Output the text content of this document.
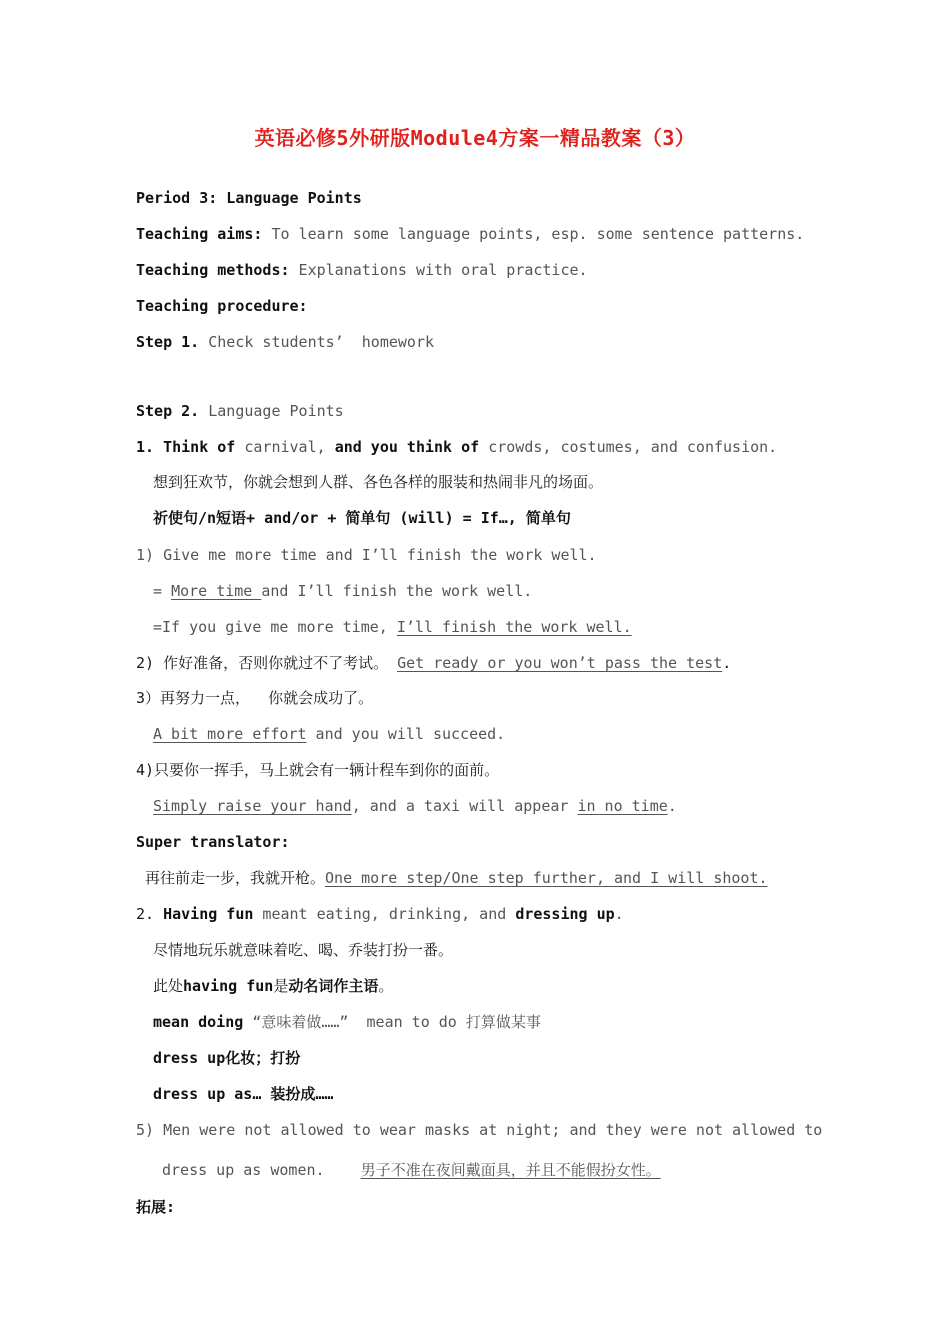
英语必修5外研版Module4方案一精品教案（3）
Period 3: Language Points
Teaching aims: To learn some language points, esp. some sentence patterns.
Teaching methods: Explanations with oral practice.
Teaching procedure:
Step 1. Check students’  homework
Step 2. Language Points
1. Think of carnival, and you think of crowds, costumes, and confusion.
想到狂欢节，你就会想到人群、各色各样的服装和热闹非凡的场面。
祈使句/n短语+ and/or + 简单句 (will) = If…, 简单句
1) Give me more time and I’ll finish the work well.
= More time and I’ll finish the work well.
=If you give me more time, I’ll finish the work well.
2) 作好准备，否则你就过不了考试。 Get ready or you won’t pass the test.
3）再努力一点，  你就会成功了。
A bit more effort and you will succeed.
4)只要你一挥手，马上就会有一辆计程车到你的面前。
Simply raise your hand, and a taxi will appear in no time.
Super translator:
再往前走一步，我就开枪。One more step/One step further, and I will shoot.
2. Having fun meant eating, drinking, and dressing up.
尽情地玩乐就意味着吃、喝、乔装打扮一番。
此处having fun是动名词作主语。
mean doing “意味着做……”  mean to do 打算做某事
dress up化妆；打扮
dress up as… 装扮成……
5) Men were not allowed to wear masks at night; and they were not allowed to
dress up as women.    男子不准在夜间戴面具，并且不能假扮女性。
拓展:
